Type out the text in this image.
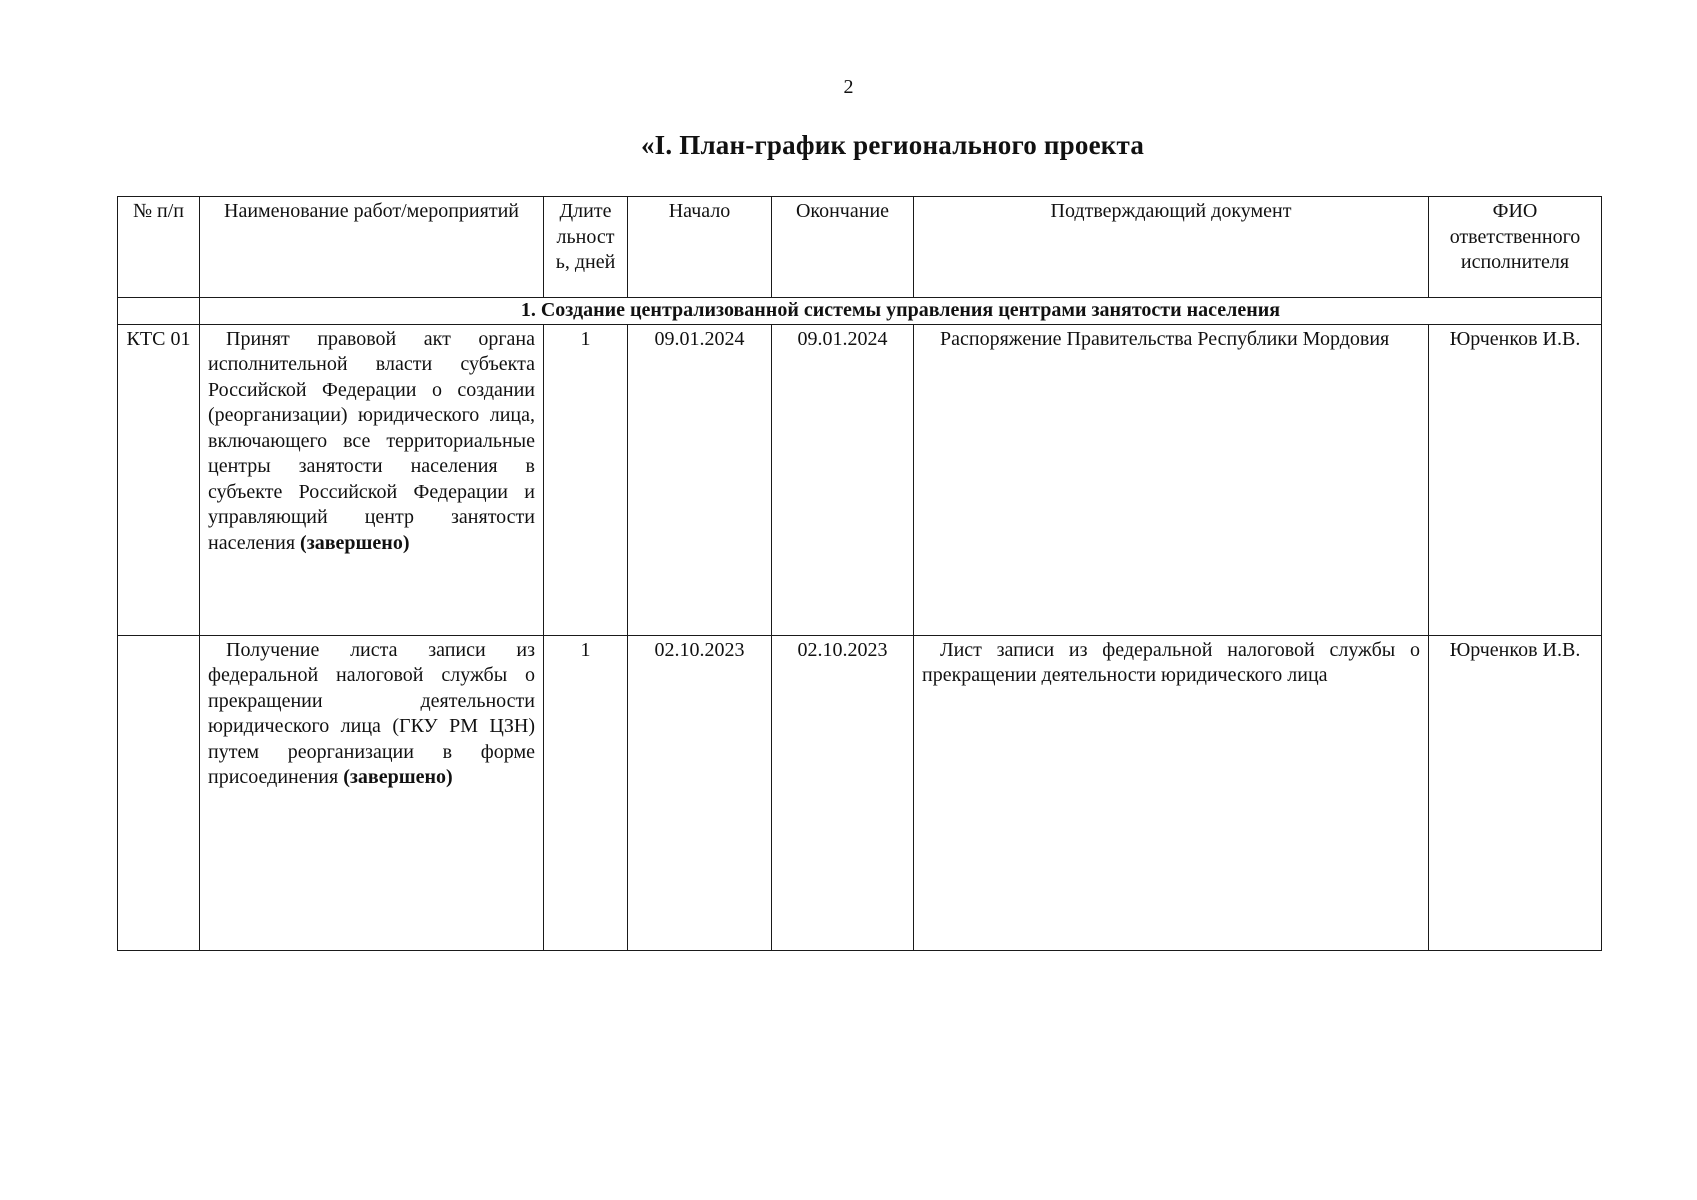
2
«I. План-график регионального проекта
№ п/п	Наименование работ/мероприятий	Длите льност ь, дней	Начало	Окончание	Подтверждающий документ	ФИО ответственного исполнителя
	1. Создание централизованной системы управления центрами занятости населения					
КТС 01	Принят правовой акт органа исполнительной власти субъекта Российской Федерации о создании (реорганизации) юридического лица, включающего все территориальные центры занятости населения в субъекте Российской Федерации и управляющий центр занятости населения (завершено)	1	09.01.2024	09.01.2024	Распоряжение Правительства Республики Мордовия	Юрченков И.В.
	Получение листа записи из федеральной налоговой службы о прекращении деятельности юридического лица (ГКУ РМ ЦЗН) путем реорганизации в форме присоединения (завершено)	1	02.10.2023	02.10.2023	Лист записи из федеральной налоговой службы о прекращении деятельности юридического лица	Юрченков И.В.
